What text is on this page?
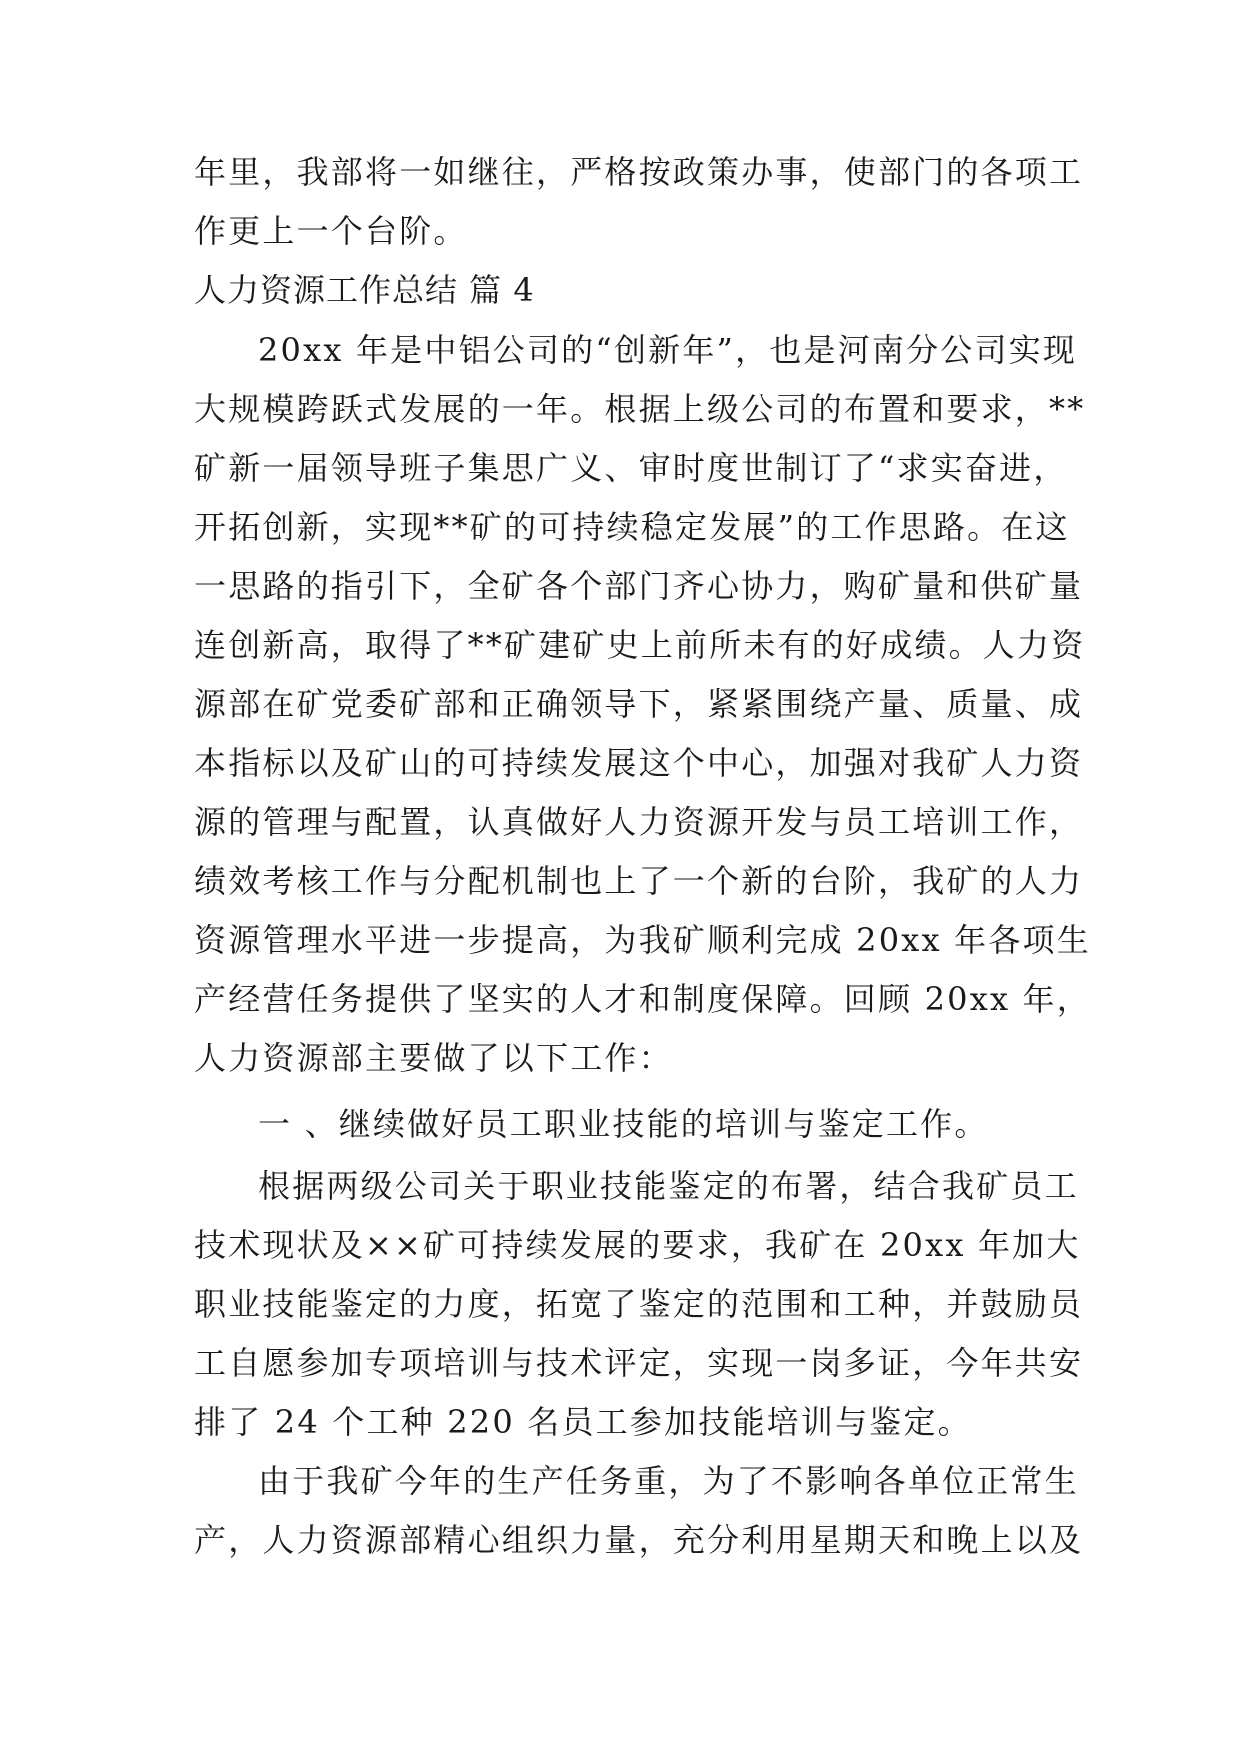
年里，我部将一如继往，严格按政策办事，使部门的各项工
作更上一个台阶。
人力资源工作总结 篇 4
20xx 年是中铝公司的“创新年”，也是河南分公司实现
大规模跨跃式发展的一年。根据上级公司的布置和要求，**
矿新一届领导班子集思广义、审时度世制订了“求实奋进，
开拓创新，实现**矿的可持续稳定发展”的工作思路。在这
一思路的指引下，全矿各个部门齐心协力，购矿量和供矿量
连创新高，取得了**矿建矿史上前所未有的好成绩。人力资
源部在矿党委矿部和正确领导下，紧紧围绕产量、质量、成
本指标以及矿山的可持续发展这个中心，加强对我矿人力资
源的管理与配置，认真做好人力资源开发与员工培训工作，
绩效考核工作与分配机制也上了一个新的台阶，我矿的人力
资源管理水平进一步提高，为我矿顺利完成 20xx 年各项生
产经营任务提供了坚实的人才和制度保障。回顾 20xx 年，
人力资源部主要做了以下工作：
一 、继续做好员工职业技能的培训与鉴定工作。
根据两级公司关于职业技能鉴定的布署，结合我矿员工
技术现状及××矿可持续发展的要求，我矿在 20xx 年加大
职业技能鉴定的力度，拓宽了鉴定的范围和工种，并鼓励员
工自愿参加专项培训与技术评定，实现一岗多证，今年共安
排了 24 个工种 220 名员工参加技能培训与鉴定。
由于我矿今年的生产任务重，为了不影响各单位正常生
产，人力资源部精心组织力量，充分利用星期天和晚上以及
